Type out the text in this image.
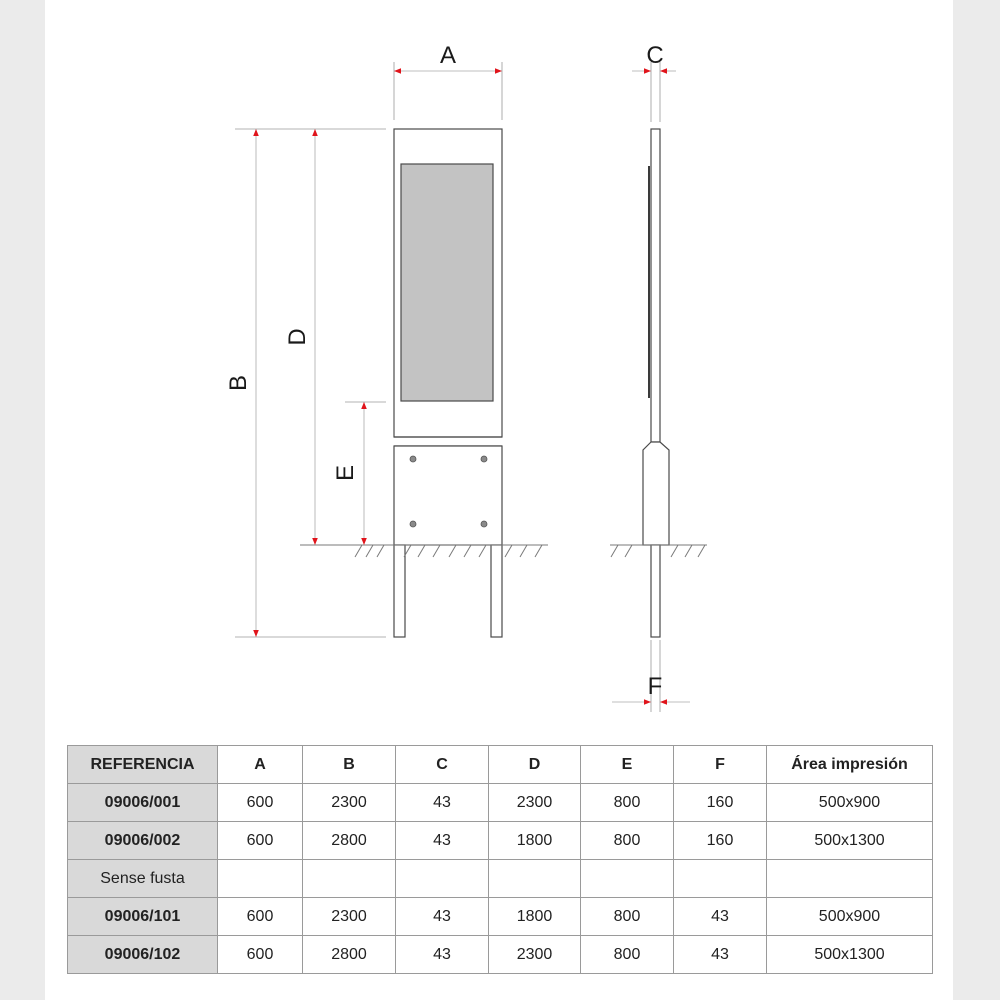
A	C
F
B
D
E
REFERENCIA	A	B	C	D	E	F	Área impresión
09006/001	600	2300	43	2300	800	160	500x900
09006/002	600	2800	43	1800	800	160	500x1300
Sense fusta							
09006/101	600	2300	43	1800	800	43	500x900
09006/102	600	2800	43	2300	800	43	500x1300
